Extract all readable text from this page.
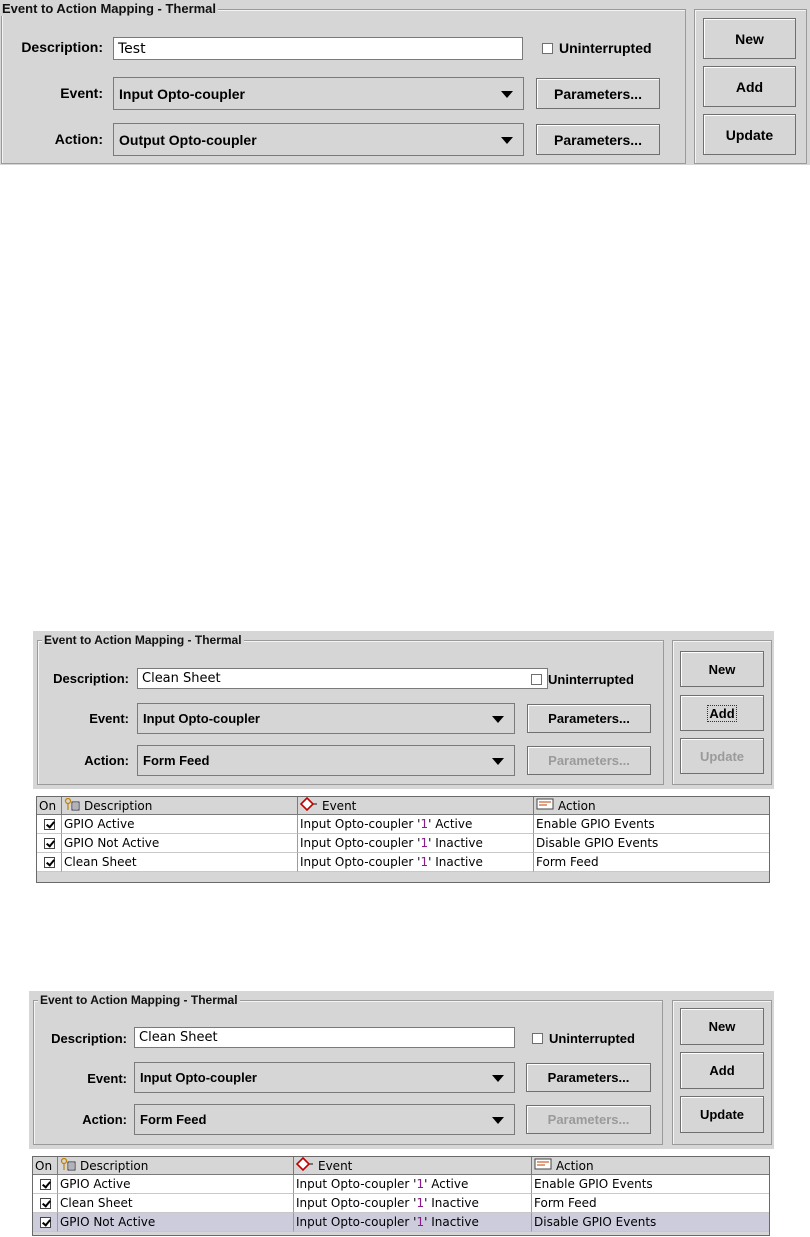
Event to Action Mapping - Thermal
Description:	Test	Uninterrupted
Event: Input Opto-coupler	Parameters...
Action: Output Opto-coupler	Parameters...
New
Add
Update
Event to Action Mapping - Thermal
Description:	Clean Sheet	Uninterrupted
Event: Input Opto-coupler	Parameters...
Action: Form Feed	Parameters...
New
Add
Update
On	Description	Event	Action
GPIO Active	Input Opto-coupler ' 1 ' Active	Enable GPIO Events
GPIO Not Active	Input Opto-coupler ' 1 ' Inactive	Disable GPIO Events
Clean Sheet	Input Opto-coupler ' 1 ' Inactive	Form Feed
Event to Action Mapping - Thermal
Description: Clean Sheet	Uninterrupted
Event: Input Opto-coupler	Parameters...
Action: Form Feed	Parameters...
New
Add
Update
On	Description	Event	Action
GPIO Active	Input Opto-coupler ' 1 ' Active	Enable GPIO Events
Clean Sheet	Input Opto-coupler ' 1 ' Inactive	Form Feed
GPIO Not Active	Input Opto-coupler ' 1 ' Inactive	Disable GPIO Events
